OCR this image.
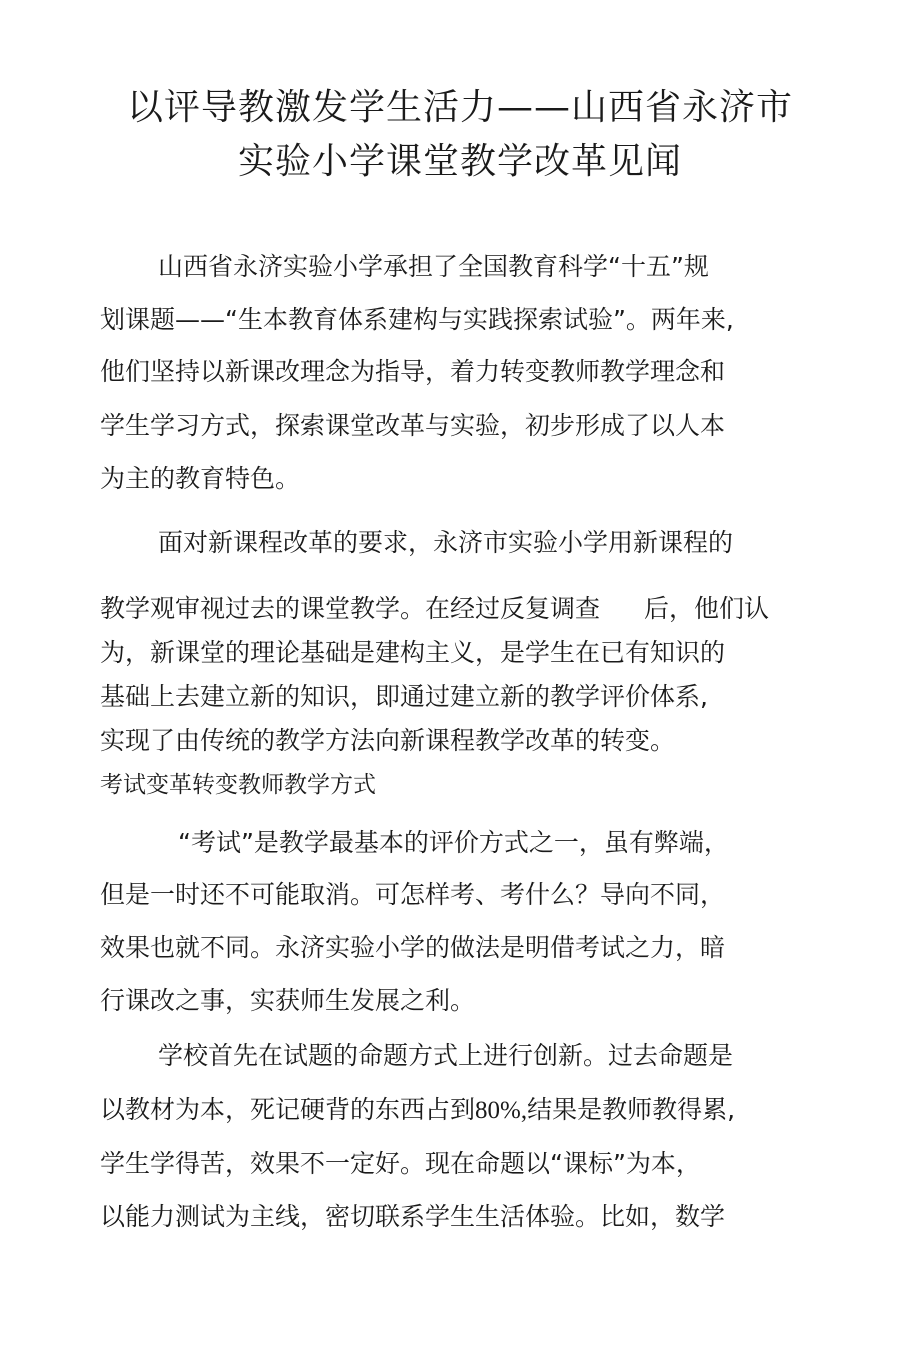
以评导教激发学生活力——山西省永济市
实验小学课堂教学改革见闻
山西省永济实验小学承担了全国教育科学“十五”规
划课题——“生本教育体系建构与实践探索试验”。两年来,
他们坚持以新课改理念为指导，着力转变教师教学理念和
学生学习方式，探索课堂改革与实验，初步形成了以人本
为主的教育特色。
面对新课程改革的要求，永济市实验小学用新课程的
教学观审视过去的课堂教学。在经过反复调查 后，他们认
为，新课堂的理论基础是建构主义，是学生在已有知识的
基础上去建立新的知识，即通过建立新的教学评价体系,
实现了由传统的教学方法向新课程教学改革的转变。
考试变革转变教师教学方式
“考试”是教学最基本的评价方式之一，虽有弊端，
但是一时还不可能取消。可怎样考、考什么？导向不同，
效果也就不同。永济实验小学的做法是明借考试之力，暗
行课改之事，实获师生发展之利。
学校首先在试题的命题方式上进行创新。过去命题是
以教材为本，死记硬背的东西占到80%,结果是教师教得累,
学生学得苦，效果不一定好。现在命题以“课标”为本，
以能力测试为主线，密切联系学生生活体验。比如，数学
